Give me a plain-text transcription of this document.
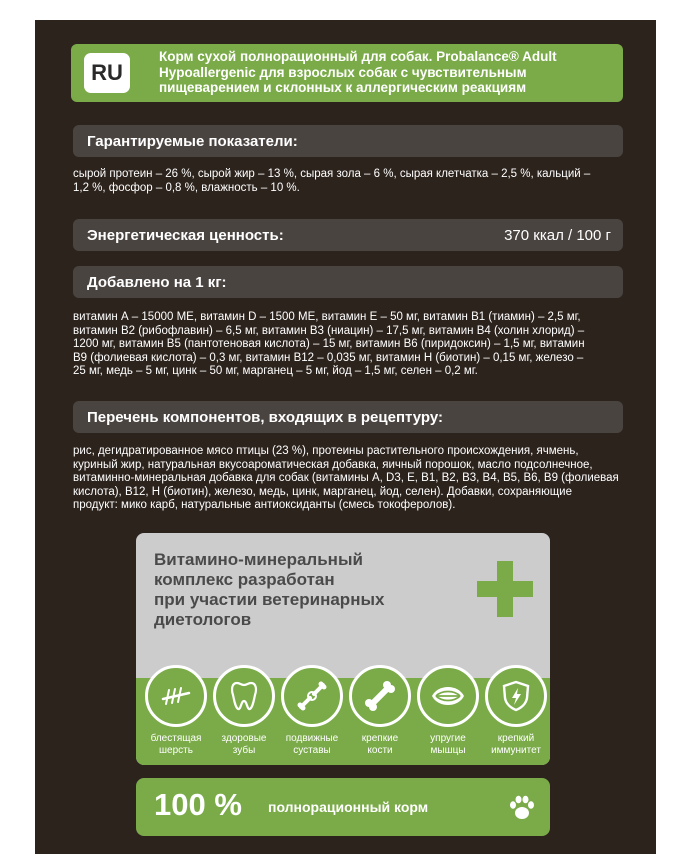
RU
Корм сухой полнорационный для собак. Probalance® Adult
Hypoallergenic для взрослых собак с чувствительным
пищеварением и склонных к аллергическим реакциям
Гарантируемые показатели:
сырой протеин – 26 %, сырой жир – 13 %, сырая зола – 6 %, сырая клетчатка – 2,5 %, кальций –
1,2 %, фосфор – 0,8 %, влажность – 10 %.
Энергетическая ценность:	370 ккал / 100 г
Добавлено на 1 кг:
витамин А – 15000 МЕ, витамин D – 1500 МЕ, витамин Е – 50 мг, витамин В1 (тиамин) – 2,5 мг,
витамин В2 (рибофлавин) – 6,5 мг, витамин В3 (ниацин) – 17,5 мг, витамин В4 (холин хлорид) –
1200 мг, витамин В5 (пантотеновая кислота) – 15 мг, витамин В6 (пиридоксин) – 1,5 мг, витамин
В9 (фолиевая кислота) – 0,3 мг, витамин В12 – 0,035 мг, витамин Н (биотин) – 0,15 мг, железо –
25 мг, медь – 5 мг, цинк – 50 мг, марганец – 5 мг, йод – 1,5 мг, селен – 0,2 мг.
Перечень компонентов, входящих в рецептуру:
рис, дегидратированное мясо птицы (23 %), протеины растительного происхождения, ячмень,
куриный жир, натуральная вкусоароматическая добавка, яичный порошок, масло подсолнечное,
витаминно-минеральная добавка для собак (витамины А, D3, Е, В1, В2, В3, В4, В5, В6, В9 (фолиевая
кислота), В12, Н (биотин), железо, медь, цинк, марганец, йод, селен). Добавки, сохраняющие
продукт: мико карб, натуральные антиоксиданты (смесь токоферолов).
Витамино-минеральный
комплекс разработан
при участии ветеринарных
диетологов
блестящая
шерсть
здоровые
зубы
подвижные
суставы
крепкие
кости
упругие
мышцы
крепкий
иммунитет
100 % полнорационный корм
